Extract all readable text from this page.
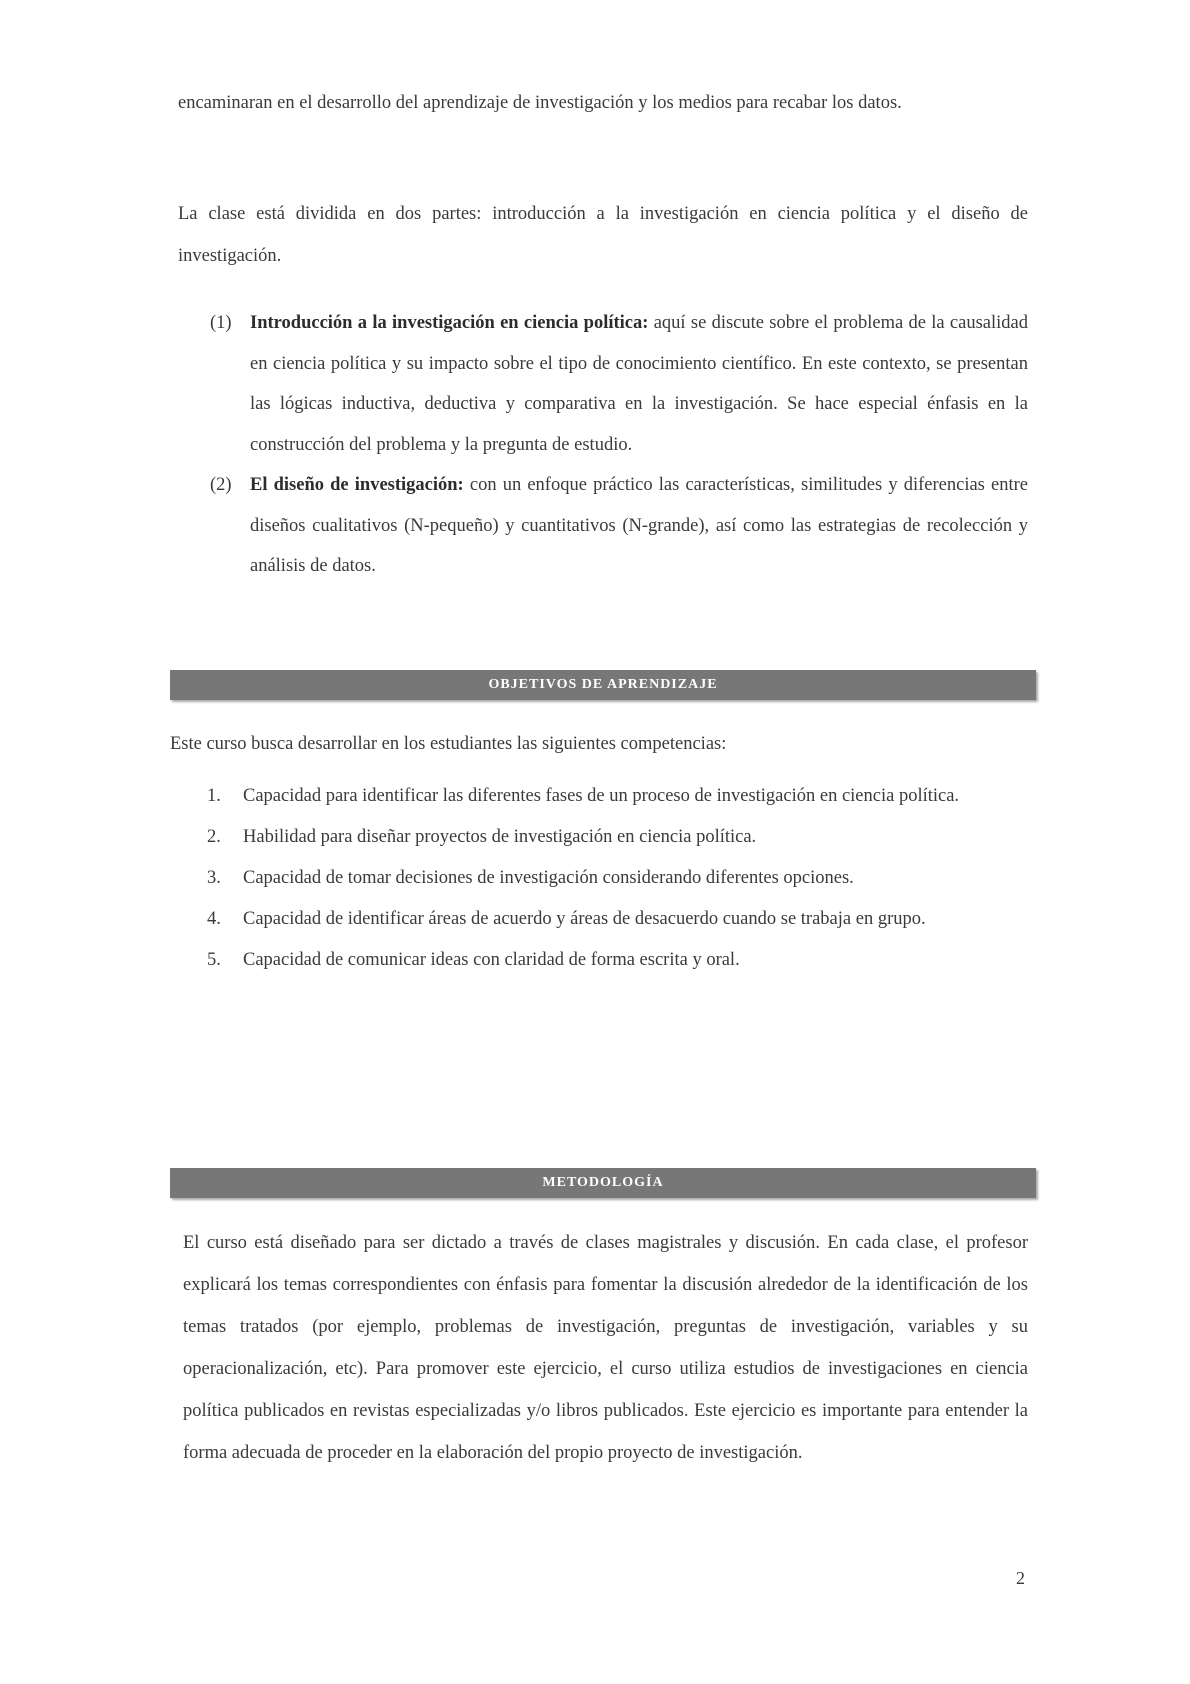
encaminaran en el desarrollo del aprendizaje de investigación y los medios para recabar los datos.

La clase está dividida en dos partes: introducción a la investigación en ciencia política y el diseño de investigación.

(1) Introducción a la investigación en ciencia política: aquí se discute sobre el problema de la causalidad en ciencia política y su impacto sobre el tipo de conocimiento científico. En este contexto, se presentan las lógicas inductiva, deductiva y comparativa en la investigación. Se hace especial énfasis en la construcción del problema y la pregunta de estudio.
(2) El diseño de investigación: con un enfoque práctico las características, similitudes y diferencias entre diseños cualitativos (N-pequeño) y cuantitativos (N-grande), así como las estrategias de recolección y análisis de datos.
OBJETIVOS DE APRENDIZAJE

Este curso busca desarrollar en los estudiantes las siguientes competencias:

1. Capacidad para identificar las diferentes fases de un proceso de investigación en ciencia política.
2. Habilidad para diseñar proyectos de investigación en ciencia política.
3. Capacidad de tomar decisiones de investigación considerando diferentes opciones.
4. Capacidad de identificar áreas de acuerdo y áreas de desacuerdo cuando se trabaja en grupo.
5. Capacidad de comunicar ideas con claridad de forma escrita y oral.
METODOLOGÍA

El curso está diseñado para ser dictado a través de clases magistrales y discusión. En cada clase, el profesor explicará los temas correspondientes con énfasis para fomentar la discusión alrededor de la identificación de los temas tratados (por ejemplo, problemas de investigación, preguntas de investigación, variables y su operacionalización, etc). Para promover este ejercicio, el curso utiliza estudios de investigaciones en ciencia política publicados en revistas especializadas y/o libros publicados. Este ejercicio es importante para entender la forma adecuada de proceder en la elaboración del propio proyecto de investigación.

2
